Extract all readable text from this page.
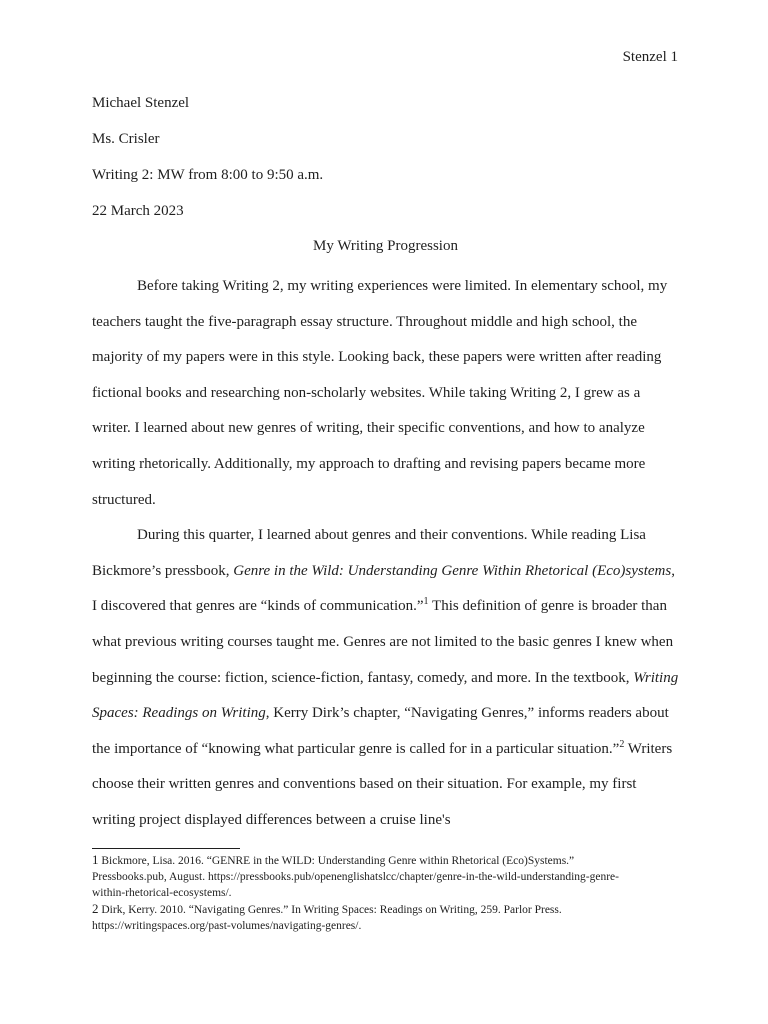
Stenzel 1
Michael Stenzel
Ms. Crisler
Writing 2: MW from 8:00 to 9:50 a.m.
22 March 2023
My Writing Progression

Before taking Writing 2, my writing experiences were limited. In elementary school, my teachers taught the five-paragraph essay structure. Throughout middle and high school, the majority of my papers were in this style. Looking back, these papers were written after reading fictional books and researching non-scholarly websites. While taking Writing 2, I grew as a writer. I learned about new genres of writing, their specific conventions, and how to analyze writing rhetorically. Additionally, my approach to drafting and revising papers became more structured.

During this quarter, I learned about genres and their conventions. While reading Lisa Bickmore’s pressbook, Genre in the Wild: Understanding Genre Within Rhetorical (Eco)systems, I discovered that genres are “kinds of communication.”$^1$ This definition of genre is broader than what previous writing courses taught me. Genres are not limited to the basic genres I knew when beginning the course: fiction, science-fiction, fantasy, comedy, and more. In the textbook, Writing Spaces: Readings on Writing, Kerry Dirk’s chapter, “Navigating Genres,” informs readers about the importance of “knowing what particular genre is called for in a particular situation.”$^2$ Writers choose their written genres and conventions based on their situation. For example, my first writing project displayed differences between a cruise line's

1 Bickmore, Lisa. 2016. “GENRE in the WILD: Understanding Genre within Rhetorical (Eco)Systems.”
Pressbooks.pub, August. https://pressbooks.pub/openenglishatslcc/chapter/genre-in-the-wild-understanding-genre-
within-rhetorical-ecosystems/.
2 Dirk, Kerry. 2010. “Navigating Genres.” In Writing Spaces: Readings on Writing, 259. Parlor Press.
https://writingspaces.org/past-volumes/navigating-genres/.
